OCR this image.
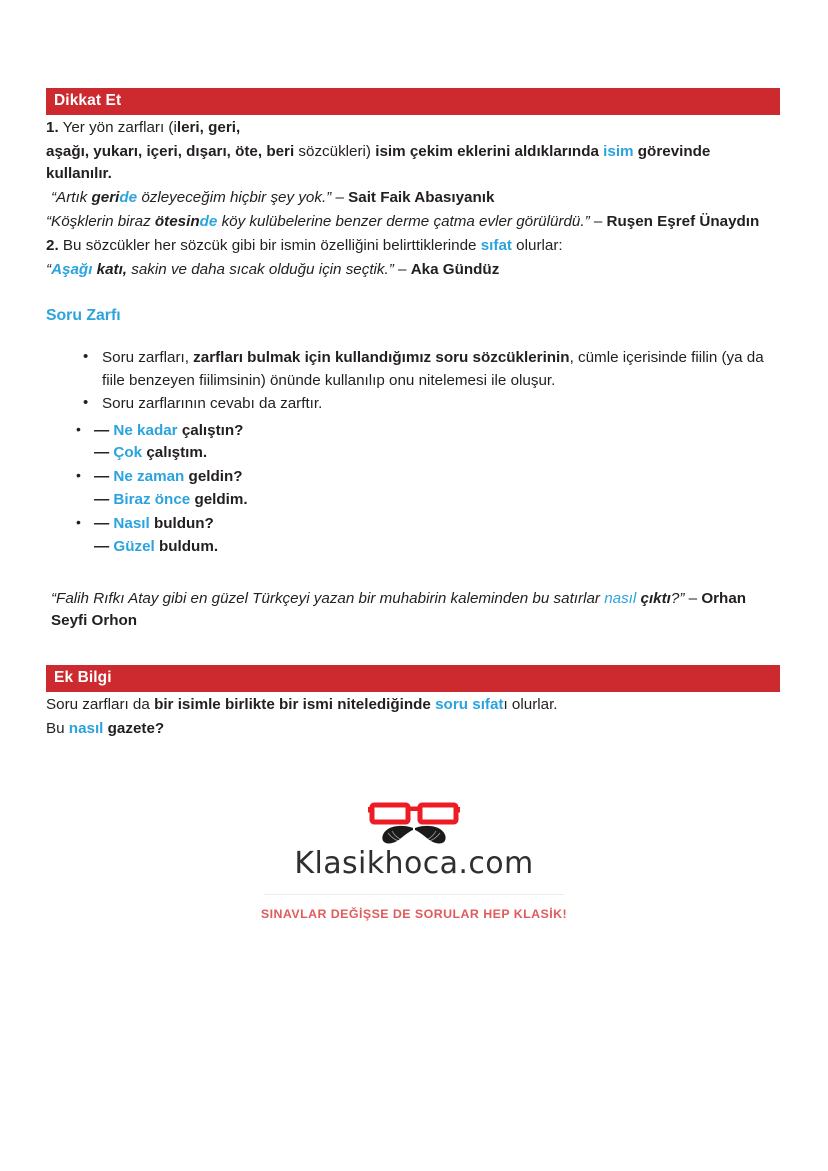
Dikkat Et
1. Yer yön zarfları (ileri, geri,
aşağı, yukarı, içeri, dışarı, öte, beri sözcükleri) isim çekim eklerini aldıklarında isim görevinde kullanılır.
“Artık geride özleyeceğim hiçbir şey yok.” – Sait Faik Abasıyanık
“Köşklerin biraz ötesinde köy kulübelerine benzer derme çatma evler görülürdü.” – Ruşen Eşref Ünaydın
2. Bu sözcükler her sözcük gibi bir ismin özelliğini belirttiklerinde sıfat olurlar:
“Aşağı katı, sakin ve daha sıcak olduğu için seçtik.” – Aka Gündüz
Soru Zarfı
• Soru zarfları, zarfları bulmak için kullandığımız soru sözcüklerinin, cümle içerisinde fiilin (ya da fiile benzeyen fiilimsinin) önünde kullanılıp onu nitelemesi ile oluşur.
• Soru zarflarının cevabı da zarftır.
• — Ne kadar çalıştın?
— Çok çalıştım.
• — Ne zaman geldin?
— Biraz önce geldim.
• — Nasıl buldun?
— Güzel buldum.
“Falih Rıfkı Atay gibi en güzel Türkçeyi yazan bir muhabirin kaleminden bu satırlar nasıl çıktı?” – Orhan Seyfi Orhon
Ek Bilgi
Soru zarfları da bir isimle birlikte bir ismi nitelediğinde soru sıfatı olurlar.
Bu nasıl gazete?
Klasikhoca.com
SINAVLAR DEĞİŞSE DE SORULAR HEP KLASİK!
